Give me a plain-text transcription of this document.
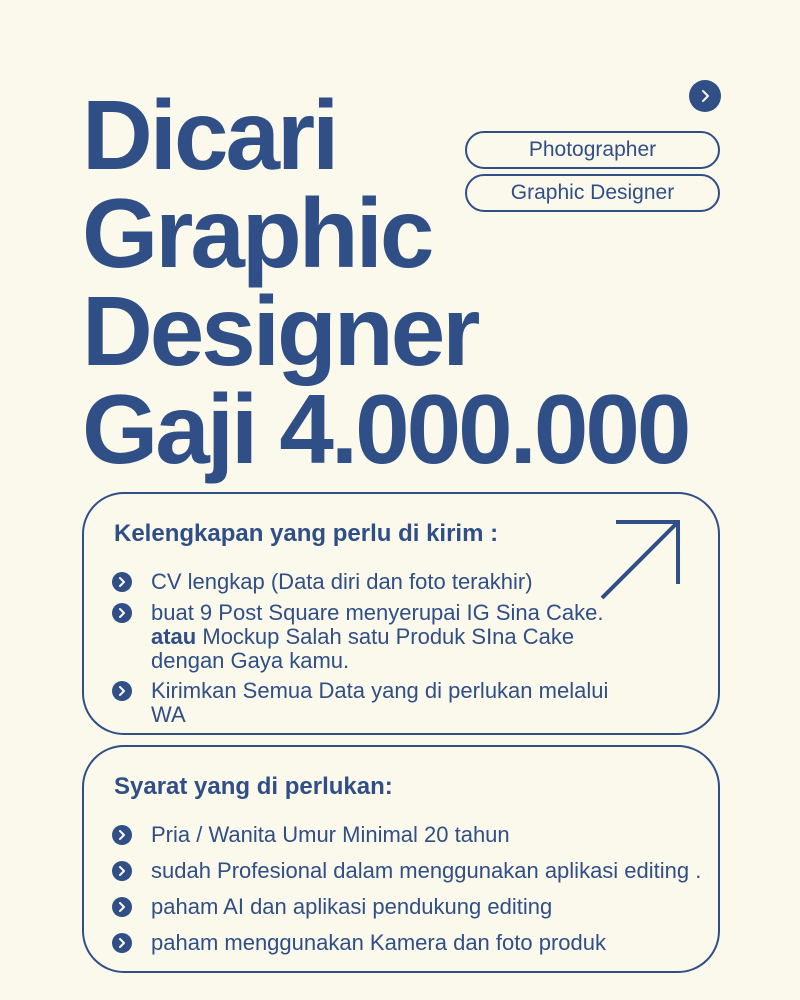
Dicari
Graphic
Designer
Gaji 4.000.000
Photographer
Graphic Designer
Kelengkapan yang perlu di kirim :
CV lengkap (Data diri dan foto terakhir)
buat 9 Post Square menyerupai IG Sina Cake.
atau Mockup Salah satu Produk SIna Cake
dengan Gaya kamu.
Kirimkan Semua Data yang di perlukan melalui
WA
Syarat yang di perlukan:
Pria / Wanita Umur Minimal 20 tahun
sudah Profesional dalam menggunakan aplikasi editing .
paham AI dan aplikasi pendukung editing
paham menggunakan Kamera dan foto produk
